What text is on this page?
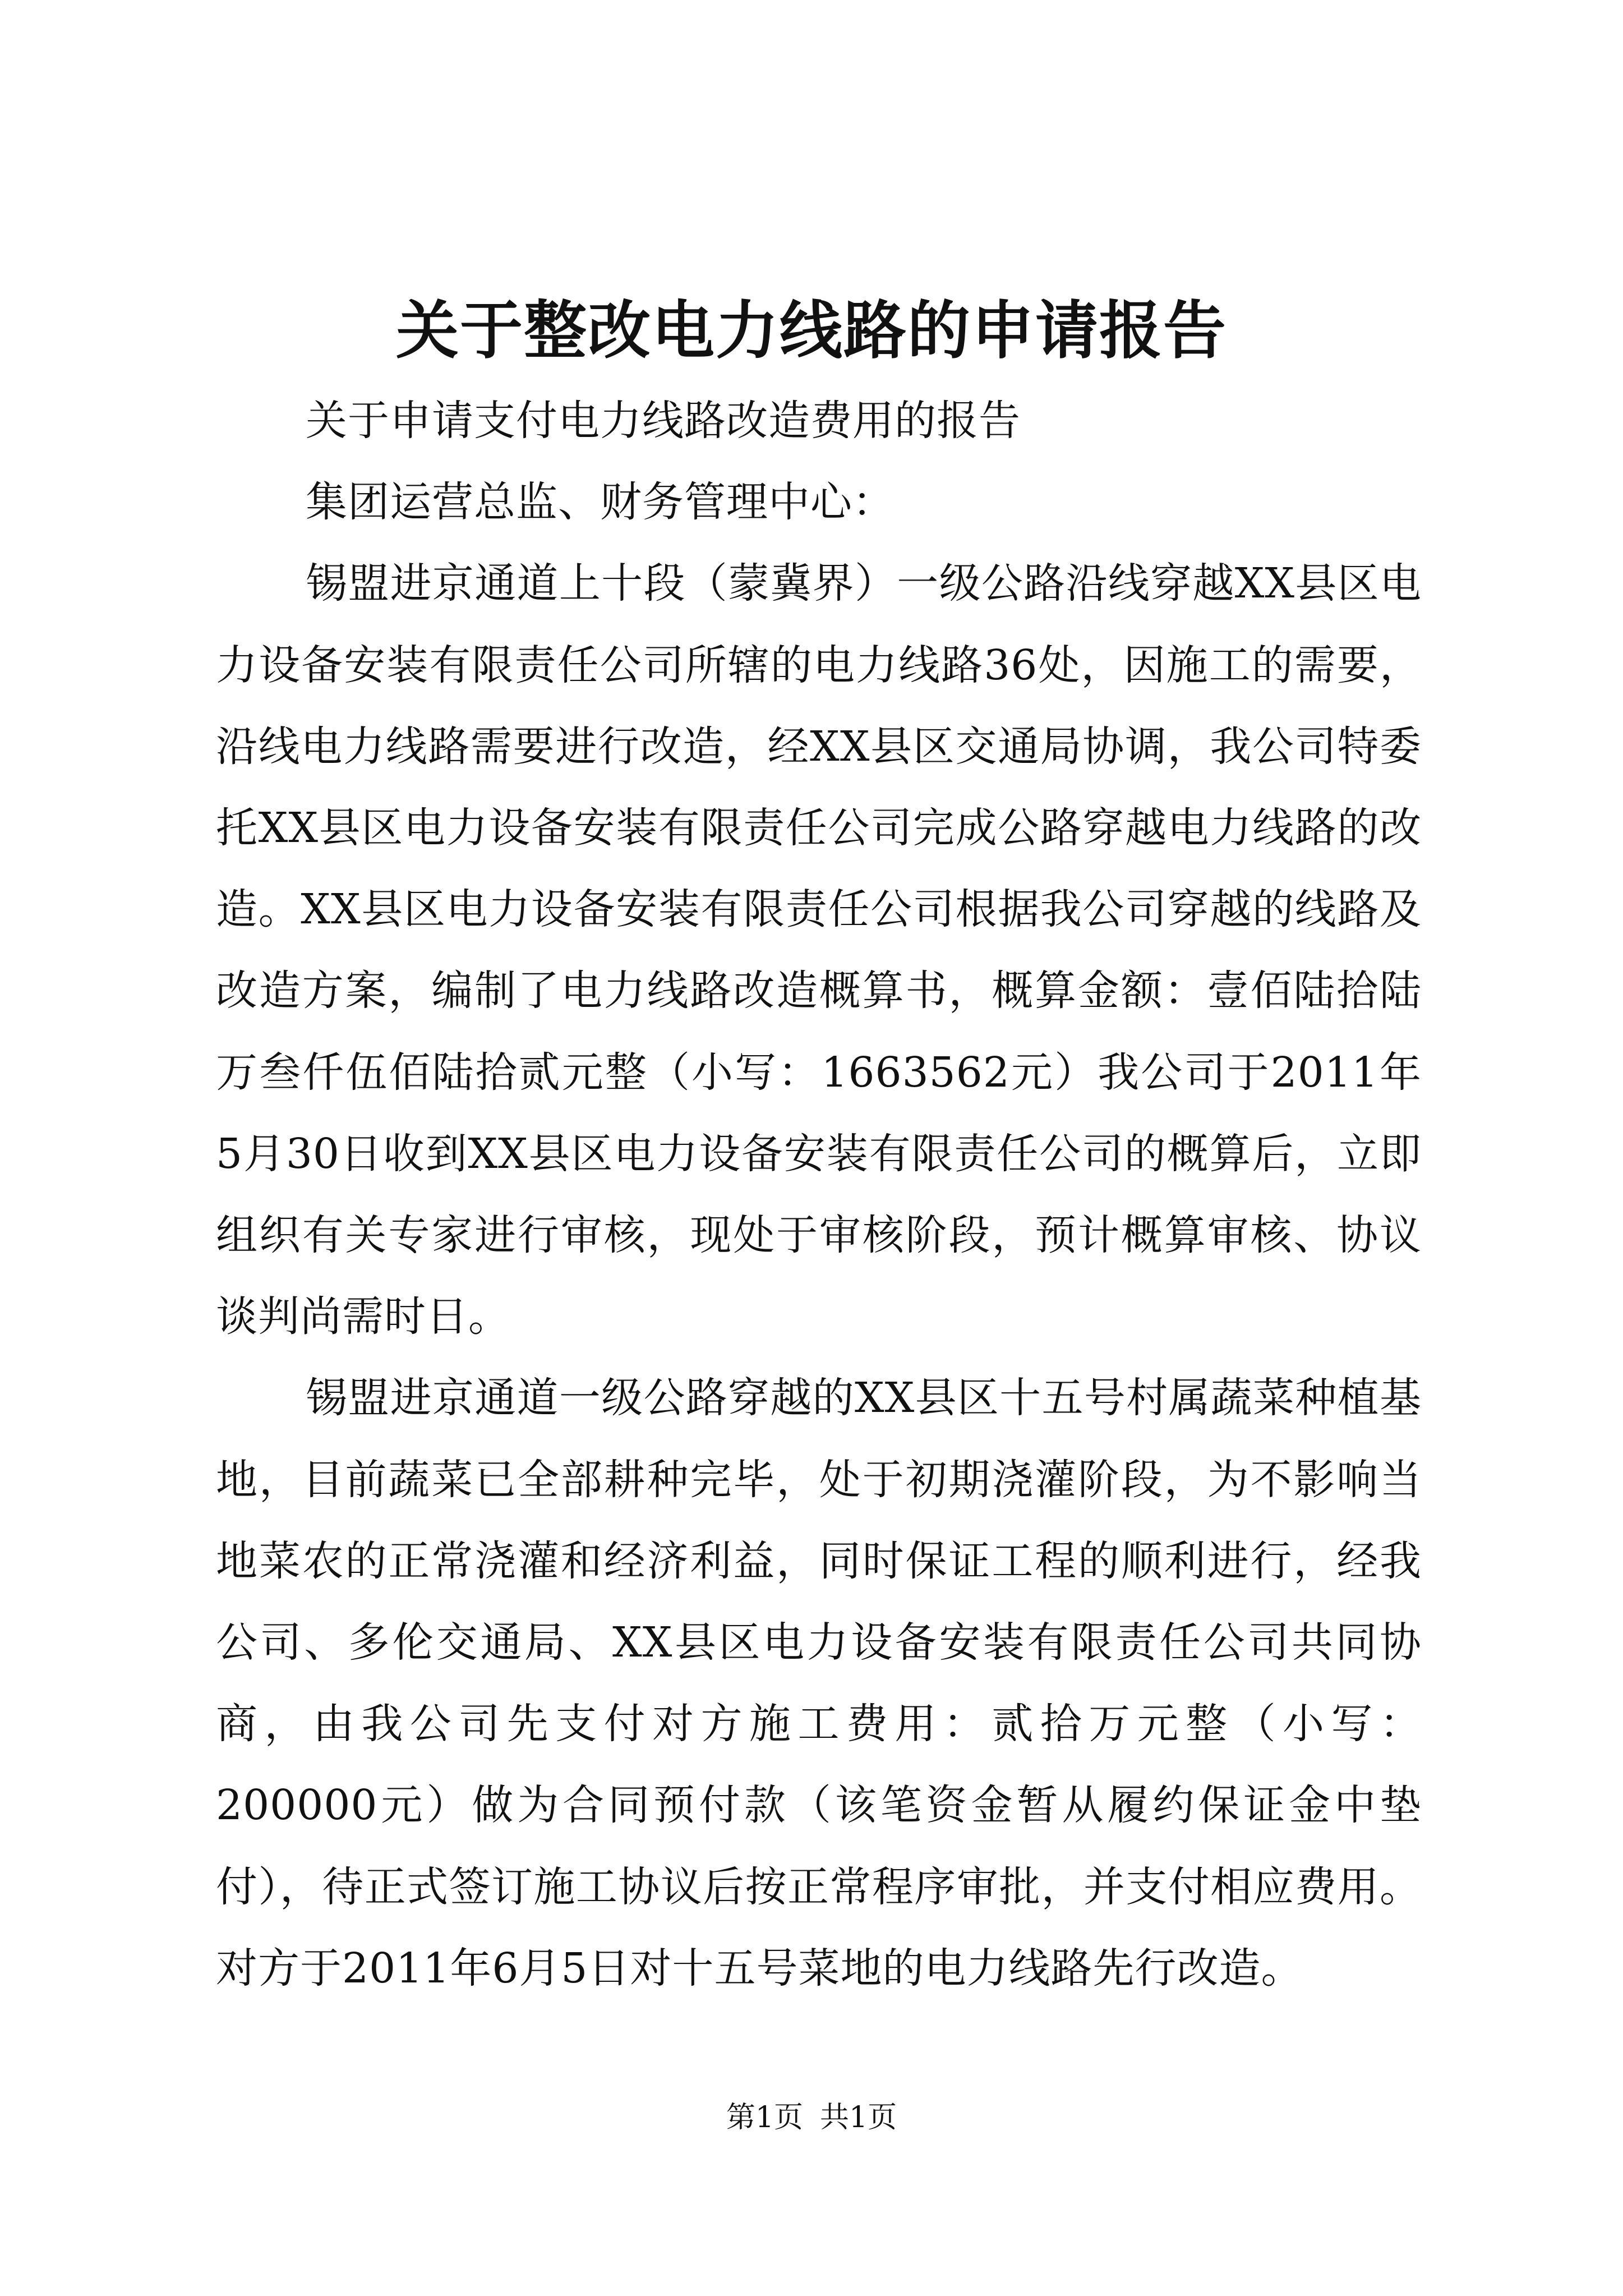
关于整改电力线路的申请报告

关于申请支付电力线路改造费用的报告

集团运营总监、财务管理中心：

锡盟进京通道上十段（蒙冀界）一级公路沿线穿越XX县区电力设备安装有限责任公司所辖的电力线路36处，因施工的需要，沿线电力线路需要进行改造，经XX县区交通局协调，我公司特委托XX县区电力设备安装有限责任公司完成公路穿越电力线路的改造。XX县区电力设备安装有限责任公司根据我公司穿越的线路及改造方案，编制了电力线路改造概算书，概算金额：壹佰陆拾陆万叁仟伍佰陆拾贰元整（小写：1663562元）我公司于2011年5月30日收到XX县区电力设备安装有限责任公司的概算后，立即组织有关专家进行审核，现处于审核阶段，预计概算审核、协议谈判尚需时日。

锡盟进京通道一级公路穿越的XX县区十五号村属蔬菜种植基地，目前蔬菜已全部耕种完毕，处于初期浇灌阶段，为不影响当地菜农的正常浇灌和经济利益，同时保证工程的顺利进行，经我公司、多伦交通局、XX县区电力设备安装有限责任公司共同协商，由我公司先支付对方施工费用：贰拾万元整（小写：200000元）做为合同预付款（该笔资金暂从履约保证金中垫付），待正式签订施工协议后按正常程序审批，并支付相应费用。对方于2011年6月5日对十五号菜地的电力线路先行改造。

第1页 共1页
